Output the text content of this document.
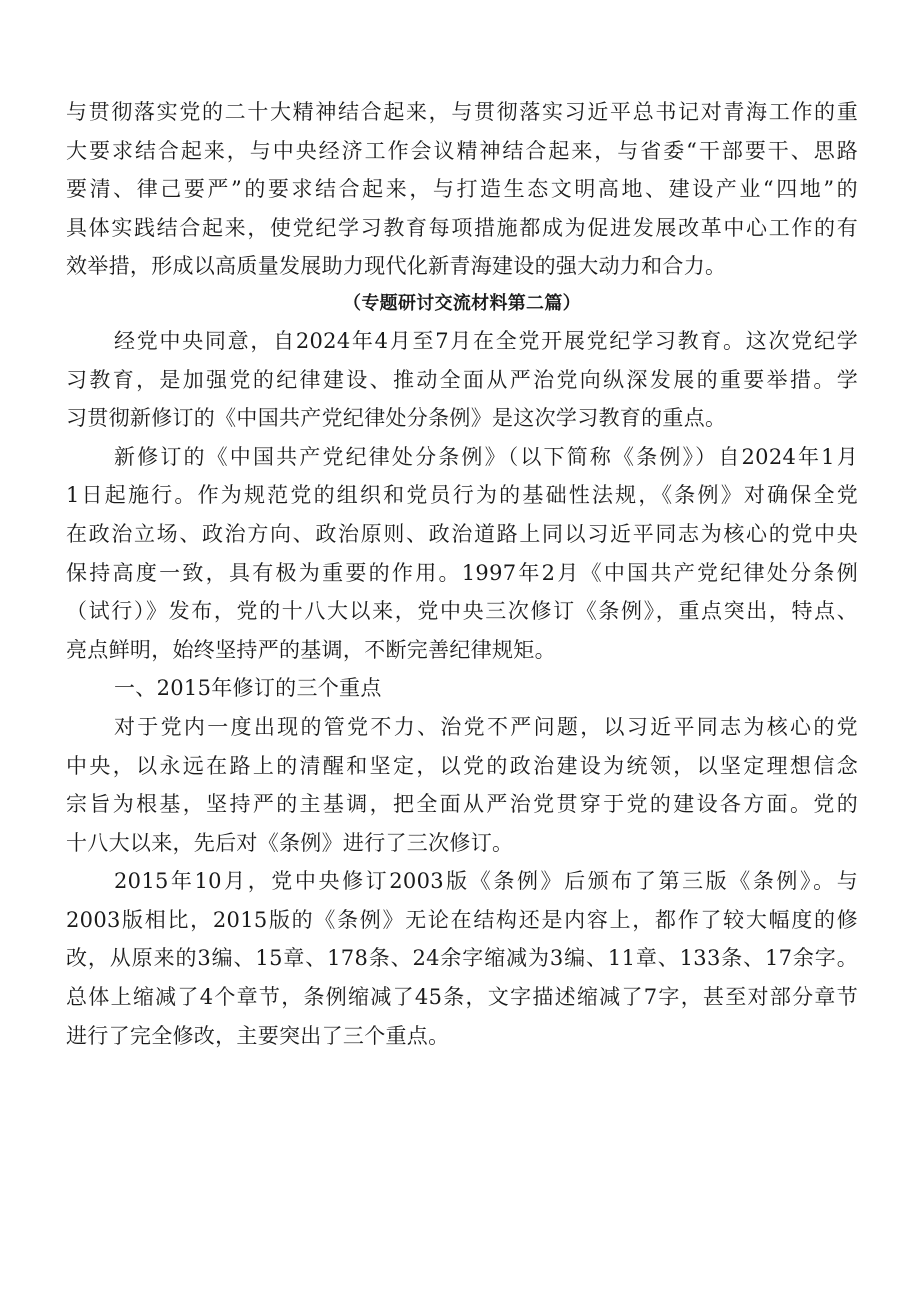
与贯彻落实党的二十大精神结合起来，与贯彻落实习近平总书记对青海工作的重
大要求结合起来，与中央经济工作会议精神结合起来，与省委“干部要干、思路
要清、律己要严”的要求结合起来，与打造生态文明高地、建设产业“四地”的
具体实践结合起来，使党纪学习教育每项措施都成为促进发展改革中心工作的有
效举措，形成以高质量发展助力现代化新青海建设的强大动力和合力。
（专题研讨交流材料第二篇）
经党中央同意，自2024年4月至7月在全党开展党纪学习教育。这次党纪学
习教育，是加强党的纪律建设、推动全面从严治党向纵深发展的重要举措。学
习贯彻新修订的《中国共产党纪律处分条例》是这次学习教育的重点。
新修订的《中国共产党纪律处分条例》（以下简称《条例》）自2024年1月
1日起施行。作为规范党的组织和党员行为的基础性法规，《条例》对确保全党
在政治立场、政治方向、政治原则、政治道路上同以习近平同志为核心的党中央
保持高度一致，具有极为重要的作用。1997年2月《中国共产党纪律处分条例
（试行）》发布，党的十八大以来，党中央三次修订《条例》，重点突出，特点、
亮点鲜明，始终坚持严的基调，不断完善纪律规矩。
一、2015年修订的三个重点
对于党内一度出现的管党不力、治党不严问题，以习近平同志为核心的党
中央，以永远在路上的清醒和坚定，以党的政治建设为统领，以坚定理想信念
宗旨为根基，坚持严的主基调，把全面从严治党贯穿于党的建设各方面。党的
十八大以来，先后对《条例》进行了三次修订。
2015年10月，党中央修订2003版《条例》后颁布了第三版《条例》。与
2003版相比，2015版的《条例》无论在结构还是内容上，都作了较大幅度的修
改，从原来的3编、15章、178条、24余字缩减为3编、11章、133条、17余字。
总体上缩减了4个章节，条例缩减了45条，文字描述缩减了7字，甚至对部分章节
进行了完全修改，主要突出了三个重点。
